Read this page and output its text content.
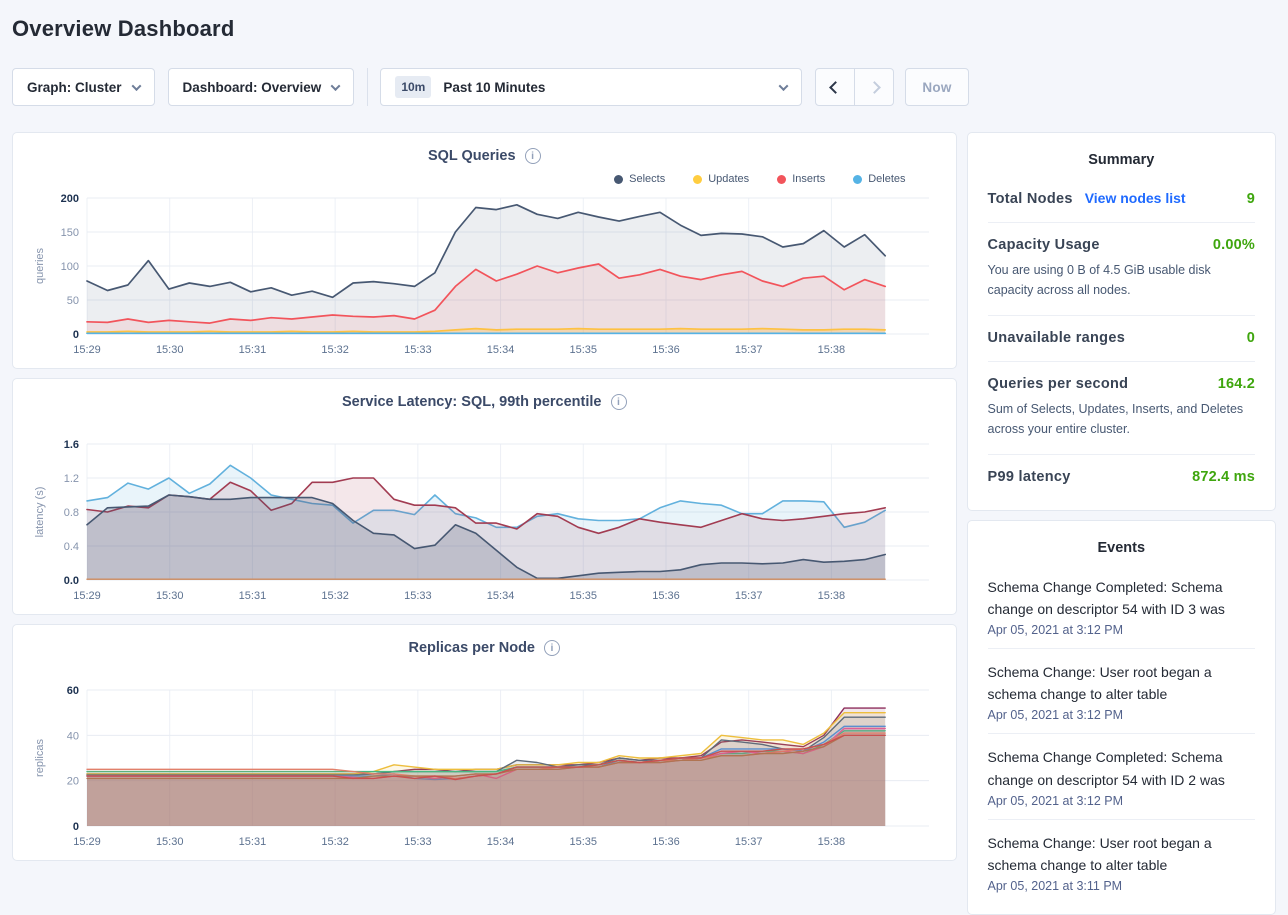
Overview Dashboard
Graph: Cluster	Dashboard: Overview	10m	Past 10 Minutes	Now
SQL Queries	i
Selects	Updates	Inserts	Deletes
15:29	15:30	15:31	15:32	15:33	15:34	15:35	15:36	15:37	15:38
0
50
100
150
200
queries
Service Latency: SQL, 99th percentile	i
15:29	15:30	15:31	15:32	15:33	15:34	15:35	15:36	15:37	15:38
0.0
0.4
0.8
1.2
1.6
latency (s)
Replicas per Node	i
15:29	15:30	15:31	15:32	15:33	15:34	15:35	15:36	15:37	15:38
0
20
40
60
replicas
Summary
Total Nodes View nodes list	9
Capacity Usage	0.00%
You are using 0 B of 4.5 GiB usable disk capacity across all nodes.
Unavailable ranges	0
Queries per second	164.2
Sum of Selects, Updates, Inserts, and Deletes across your entire cluster.
P99 latency	872.4 ms
Events
Schema Change Completed: Schema change on descriptor 54 with ID 3 was
Apr 05, 2021 at 3:12 PM
Schema Change: User root began a schema change to alter table
Apr 05, 2021 at 3:12 PM
Schema Change Completed: Schema change on descriptor 54 with ID 2 was
Apr 05, 2021 at 3:12 PM
Schema Change: User root began a schema change to alter table
Apr 05, 2021 at 3:11 PM
